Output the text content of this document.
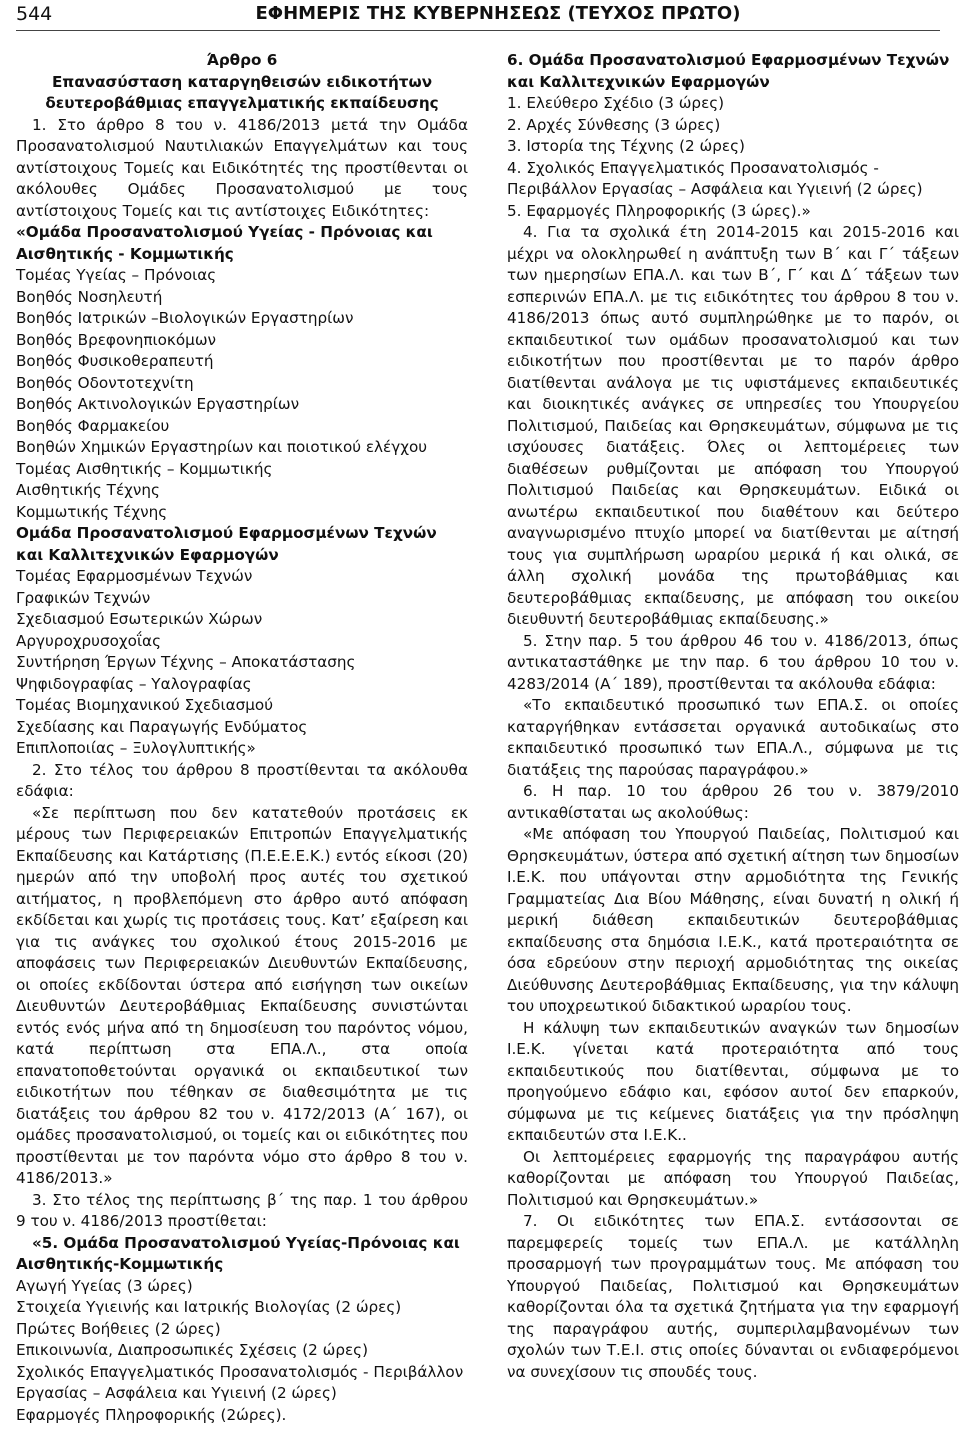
544	ΕΦΗΜΕΡΙΣ ΤΗΣ ΚΥΒΕΡΝΗΣΕΩΣ (ΤΕΥΧΟΣ ΠΡΩΤΟ)

Άρθρο 6

Επανασύσταση καταργηθεισών ειδικοτήτων

δευτεροβάθμιας επαγγελματικής εκπαίδευσης

1. Στο άρθρο 8 του ν. 4186/2013 μετά την Ομάδα Προσανατολισμού Ναυτιλιακών Επαγγελμάτων και τους αντίστοιχους Τομείς και Ειδικότητές της προστίθενται οι ακόλουθες Ομάδες Προσανατολισμού με τους αντίστοιχους Τομείς και τις αντίστοιχες Ειδικότητες:

«Ομάδα Προσανατολισμού Υγείας - Πρόνοιας και Αισθητικής - Κομμωτικής

Τομέας Υγείας – Πρόνοιας

Βοηθός Νοσηλευτή

Βοηθός Ιατρικών –Βιολογικών Εργαστηρίων

Βοηθός Βρεφονηπιοκόμων

Βοηθός Φυσικοθεραπευτή

Βοηθός Οδοντοτεχνίτη

Βοηθός Ακτινολογικών Εργαστηρίων

Βοηθός Φαρμακείου

Βοηθών Χημικών Εργαστηρίων και ποιοτικού ελέγχου

Τομέας Αισθητικής – Κομμωτικής

Αισθητικής Τέχνης

Κομμωτικής Τέχνης

Ομάδα Προσανατολισμού Εφαρμοσμένων Τεχνών

και Καλλιτεχνικών Εφαρμογών

Τομέας Εφαρμοσμένων Τεχνών

Γραφικών Τεχνών

Σχεδιασμού Εσωτερικών Χώρων

Αργυροχρυσοχοΐας

Συντήρηση Έργων Τέχνης – Αποκατάστασης

Ψηφιδογραφίας – Υαλογραφίας

Τομέας Βιομηχανικού Σχεδιασμού

Σχεδίασης και Παραγωγής Ενδύματος

Επιπλοποιίας – Ξυλογλυπτικής»

2. Στο τέλος του άρθρου 8 προστίθενται τα ακόλουθα εδάφια:

«Σε περίπτωση που δεν κατατεθούν προτάσεις εκ μέρους των Περιφερειακών Επιτροπών Επαγγελματικής Εκπαίδευσης και Κατάρτισης (Π.Ε.Ε.Ε.Κ.) εντός είκοσι (20) ημερών από την υποβολή προς αυτές του σχετικού αιτήματος, η προβλεπόμενη στο άρθρο αυτό απόφαση εκδίδεται και χωρίς τις προτάσεις τους. Κατ’ εξαίρεση και για τις ανάγκες του σχολικού έτους 2015-2016 με αποφάσεις των Περιφερειακών Διευθυντών Εκπαίδευσης, οι οποίες εκδίδονται ύστερα από εισήγηση των οικείων Διευθυντών Δευτεροβάθμιας Εκπαίδευσης συνιστώνται εντός ενός μήνα από τη δημοσίευση του παρόντος νόμου, κατά περίπτωση στα ΕΠΑ.Λ., στα οποία επανατοποθετούνται οργανικά οι εκπαιδευτικοί των ειδικοτήτων που τέθηκαν σε διαθεσιμότητα με τις διατάξεις του άρθρου 82 του ν. 4172/2013 (Α΄ 167), οι ομάδες προσανατολισμού, οι τομείς και οι ειδικότητες που προστίθενται με τον παρόντα νόμο στο άρθρο 8 του ν. 4186/2013.»

3. Στο τέλος της περίπτωσης β΄ της παρ. 1 του άρθρου 9 του ν. 4186/2013 προστίθεται:

«5. Ομάδα Προσανατολισμού Υγείας-Πρόνοιας και Αισθητικής-Κομμωτικής

Αγωγή Υγείας (3 ώρες)

Στοιχεία Υγιεινής και Ιατρικής Βιολογίας (2 ώρες)

Πρώτες Βοήθειες (2 ώρες)

Επικοινωνία, Διαπροσωπικές Σχέσεις (2 ώρες)

Σχολικός Επαγγελματικός Προσανατολισμός - Περιβάλλον Εργασίας – Ασφάλεια και Υγιεινή (2 ώρες)

Εφαρμογές Πληροφορικής (2ώρες).

6. Ομάδα Προσανατολισμού Εφαρμοσμένων Τεχνών και Καλλιτεχνικών Εφαρμογών

1. Ελεύθερο Σχέδιο (3 ώρες)

2. Αρχές Σύνθεσης (3 ώρες)

3. Ιστορία της Τέχνης (2 ώρες)

4. Σχολικός Επαγγελματικός Προσανατολισμός - Περιβάλλον Εργασίας – Ασφάλεια και Υγιεινή (2 ώρες)

5. Εφαρμογές Πληροφορικής (3 ώρες).»

4. Για τα σχολικά έτη 2014-2015 και 2015-2016 και μέχρι να ολοκληρωθεί η ανάπτυξη των Β΄ και Γ΄ τάξεων των ημερησίων ΕΠΑ.Λ. και των Β΄, Γ΄ και Δ΄ τάξεων των εσπερινών ΕΠΑ.Λ. με τις ειδικότητες του άρθρου 8 του ν. 4186/2013 όπως αυτό συμπληρώθηκε με το παρόν, οι εκπαιδευτικοί των ομάδων προσανατολισμού και των ειδικοτήτων που προστίθενται με το παρόν άρθρο διατίθενται ανάλογα με τις υφιστάμενες εκπαιδευτικές και διοικητικές ανάγκες σε υπηρεσίες του Υπουργείου Πολιτισμού, Παιδείας και Θρησκευμάτων, σύμφωνα με τις ισχύουσες διατάξεις. Όλες οι λεπτομέρειες των διαθέσεων ρυθμίζονται με απόφαση του Υπουργού Πολιτισμού Παιδείας και Θρησκευμάτων. Ειδικά οι ανωτέρω εκπαιδευτικοί που διαθέτουν και δεύτερο αναγνωρισμένο πτυχίο μπορεί να διατίθενται με αίτησή τους για συμπλήρωση ωραρίου μερικά ή και ολικά, σε άλλη σχολική μονάδα της πρωτοβάθμιας και δευτεροβάθμιας εκπαίδευσης, με απόφαση του οικείου διευθυντή δευτεροβάθμιας εκπαίδευσης.»

5. Στην παρ. 5 του άρθρου 46 του ν. 4186/2013, όπως αντικαταστάθηκε με την παρ. 6 του άρθρου 10 του ν. 4283/2014 (Α΄ 189), προστίθενται τα ακόλουθα εδάφια:

«Το εκπαιδευτικό προσωπικό των ΕΠΑ.Σ. οι οποίες καταργήθηκαν εντάσσεται οργανικά αυτοδικαίως στο εκπαιδευτικό προσωπικό των ΕΠΑ.Λ., σύμφωνα με τις διατάξεις της παρούσας παραγράφου.»

6. Η παρ. 10 του άρθρου 26 του ν. 3879/2010 αντικαθίσταται ως ακολούθως:

«Με απόφαση του Υπουργού Παιδείας, Πολιτισμού και Θρησκευμάτων, ύστερα από σχετική αίτηση των δημοσίων Ι.Ε.Κ. που υπάγονται στην αρμοδιότητα της Γενικής Γραμματείας Δια Βίου Μάθησης, είναι δυνατή η ολική ή μερική διάθεση εκπαιδευτικών δευτεροβάθμιας εκπαίδευσης στα δημόσια Ι.Ε.Κ., κατά προτεραιότητα σε όσα εδρεύουν στην περιοχή αρμοδιότητας της οικείας Διεύθυνσης Δευτεροβάθμιας Εκπαίδευσης, για την κάλυψη του υποχρεωτικού διδακτικού ωραρίου τους.

Η κάλυψη των εκπαιδευτικών αναγκών των δημοσίων Ι.Ε.Κ. γίνεται κατά προτεραιότητα από τους εκπαιδευτικούς που διατίθενται, σύμφωνα με το προηγούμενο εδάφιο και, εφόσον αυτοί δεν επαρκούν, σύμφωνα με τις κείμενες διατάξεις για την πρόσληψη εκπαιδευτών στα Ι.Ε.Κ..

Οι λεπτομέρειες εφαρμογής της παραγράφου αυτής καθορίζονται με απόφαση του Υπουργού Παιδείας, Πολιτισμού και Θρησκευμάτων.»

7. Οι ειδικότητες των ΕΠΑ.Σ. εντάσσονται σε παρεμφερείς τομείς των ΕΠΑ.Λ. με κατάλληλη προσαρμογή των προγραμμάτων τους. Με απόφαση του Υπουργού Παιδείας, Πολιτισμού και Θρησκευμάτων καθορίζονται όλα τα σχετικά ζητήματα για την εφαρμογή της παραγράφου αυτής, συμπεριλαμβανομένων των σχολών των Τ.Ε.Ι. στις οποίες δύνανται οι ενδιαφερόμενοι να συνεχίσουν τις σπουδές τους.
